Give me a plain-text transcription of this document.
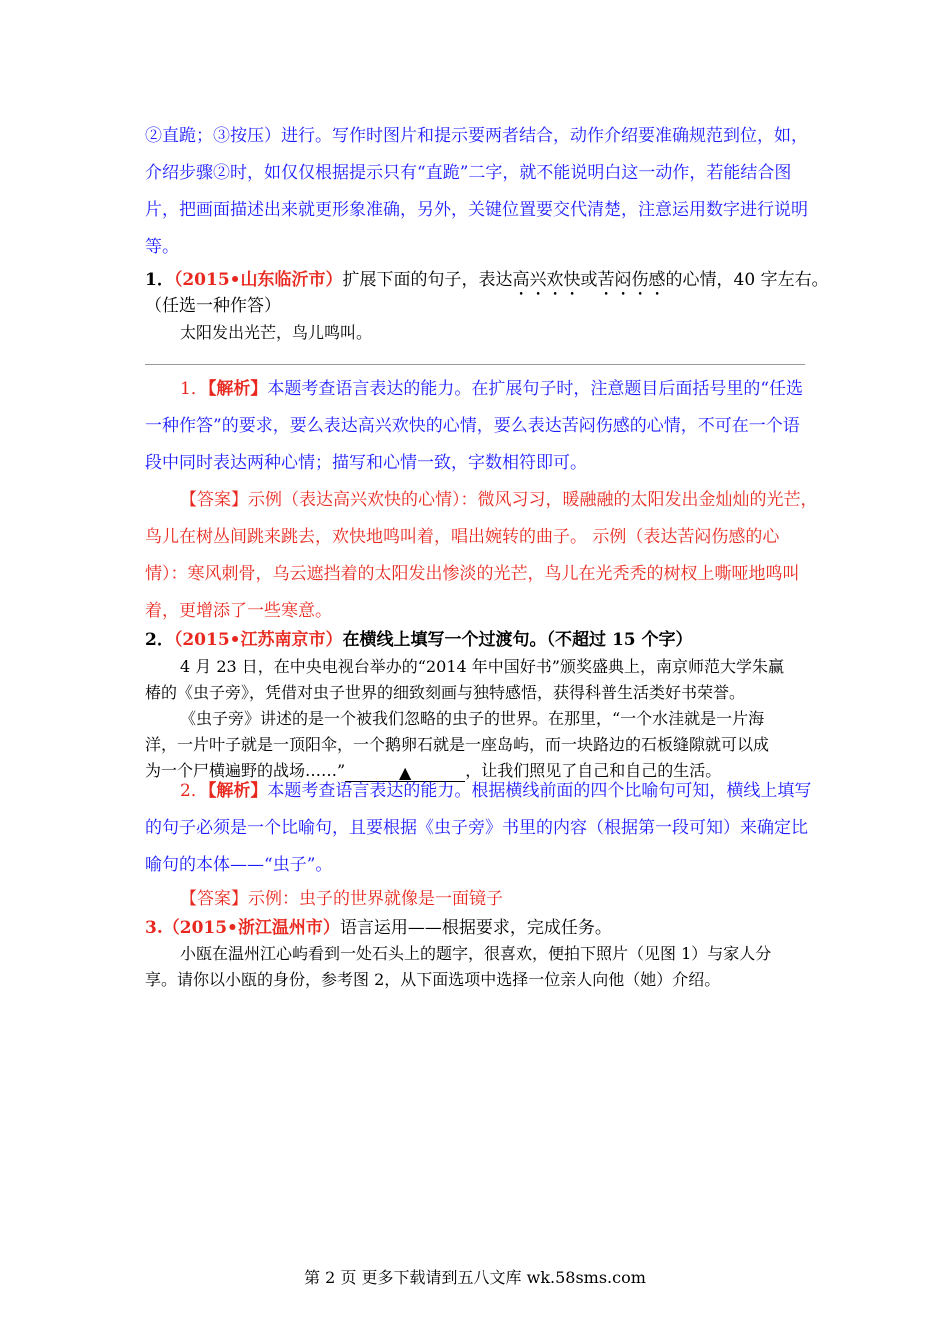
②直跪；③按压）进行。写作时图片和提示要两者结合，动作介绍要准确规范到位，如，
介绍步骤②时，如仅仅根据提示只有“直跪”二字，就不能说明白这一动作，若能结合图
片，把画面描述出来就更形象准确，另外，关键位置要交代清楚，注意运用数字进行说明
等。
1．（2015•山东临沂市）扩展下面的句子，表达高兴欢快或苦闷伤感的心情，40 字左右。
（任选一种作答）
太阳发出光芒，鸟儿鸣叫。
1．【解析】本题考查语言表达的能力。在扩展句子时，注意题目后面括号里的“任选
一种作答”的要求，要么表达高兴欢快的心情，要么表达苦闷伤感的心情，不可在一个语
段中同时表达两种心情；描写和心情一致，字数相符即可。
【答案】示例（表达高兴欢快的心情）：微风习习，暖融融的太阳发出金灿灿的光芒，
鸟儿在树丛间跳来跳去，欢快地鸣叫着，唱出婉转的曲子。 示例（表达苦闷伤感的心
情）：寒风刺骨，乌云遮挡着的太阳发出惨淡的光芒，鸟儿在光秃秃的树杈上嘶哑地鸣叫
着，更增添了一些寒意。
2．（2015•江苏南京市）在横线上填写一个过渡句。（不超过 15 个字）
4 月 23 日，在中央电视台举办的“2014 年中国好书”颁奖盛典上，南京师范大学朱赢
椿的《虫子旁》，凭借对虫子世界的细致刻画与独特感悟，获得科普生活类好书荣誉。
《虫子旁》讲述的是一个被我们忽略的虫子的世界。在那里，“一个水洼就是一片海
洋，一片叶子就是一顶阳伞，一个鹅卵石就是一座岛屿，而一块路边的石板缝隙就可以成
为一个尸横遍野的战场……”	▲	，让我们照见了自己和自己的生活。
2．【解析】本题考查语言表达的能力。根据横线前面的四个比喻句可知，横线上填写
的句子必须是一个比喻句，且要根据《虫子旁》书里的内容（根据第一段可知）来确定比
喻句的本体——“虫子”。
【答案】示例：虫子的世界就像是一面镜子
3.（2015•浙江温州市）语言运用——根据要求，完成任务。
小瓯在温州江心屿看到一处石头上的题字，很喜欢，便拍下照片（见图 1）与家人分
享。请你以小瓯的身份，参考图 2，从下面选项中选择一位亲人向他（她）介绍。
第 2 页 更多下载请到五八文库 wk.58sms.com
